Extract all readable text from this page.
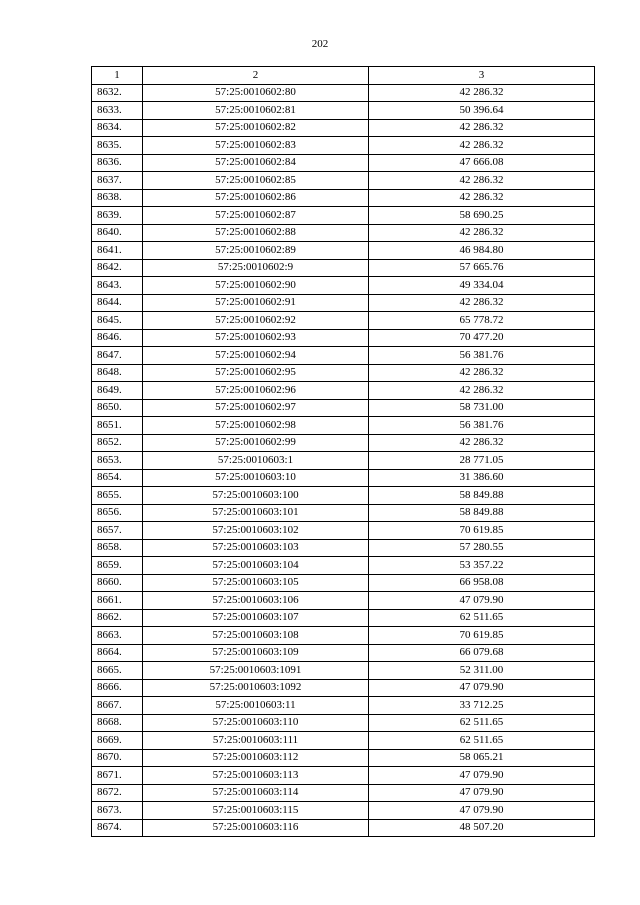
202
1	2	3
8632.	57:25:0010602:80	42 286.32
8633.	57:25:0010602:81	50 396.64
8634.	57:25:0010602:82	42 286.32
8635.	57:25:0010602:83	42 286.32
8636.	57:25:0010602:84	47 666.08
8637.	57:25:0010602:85	42 286.32
8638.	57:25:0010602:86	42 286.32
8639.	57:25:0010602:87	58 690.25
8640.	57:25:0010602:88	42 286.32
8641.	57:25:0010602:89	46 984.80
8642.	57:25:0010602:9	57 665.76
8643.	57:25:0010602:90	49 334.04
8644.	57:25:0010602:91	42 286.32
8645.	57:25:0010602:92	65 778.72
8646.	57:25:0010602:93	70 477.20
8647.	57:25:0010602:94	56 381.76
8648.	57:25:0010602:95	42 286.32
8649.	57:25:0010602:96	42 286.32
8650.	57:25:0010602:97	58 731.00
8651.	57:25:0010602:98	56 381.76
8652.	57:25:0010602:99	42 286.32
8653.	57:25:0010603:1	28 771.05
8654.	57:25:0010603:10	31 386.60
8655.	57:25:0010603:100	58 849.88
8656.	57:25:0010603:101	58 849.88
8657.	57:25:0010603:102	70 619.85
8658.	57:25:0010603:103	57 280.55
8659.	57:25:0010603:104	53 357.22
8660.	57:25:0010603:105	66 958.08
8661.	57:25:0010603:106	47 079.90
8662.	57:25:0010603:107	62 511.65
8663.	57:25:0010603:108	70 619.85
8664.	57:25:0010603:109	66 079.68
8665.	57:25:0010603:1091	52 311.00
8666.	57:25:0010603:1092	47 079.90
8667.	57:25:0010603:11	33 712.25
8668.	57:25:0010603:110	62 511.65
8669.	57:25:0010603:111	62 511.65
8670.	57:25:0010603:112	58 065.21
8671.	57:25:0010603:113	47 079.90
8672.	57:25:0010603:114	47 079.90
8673.	57:25:0010603:115	47 079.90
8674.	57:25:0010603:116	48 507.20
